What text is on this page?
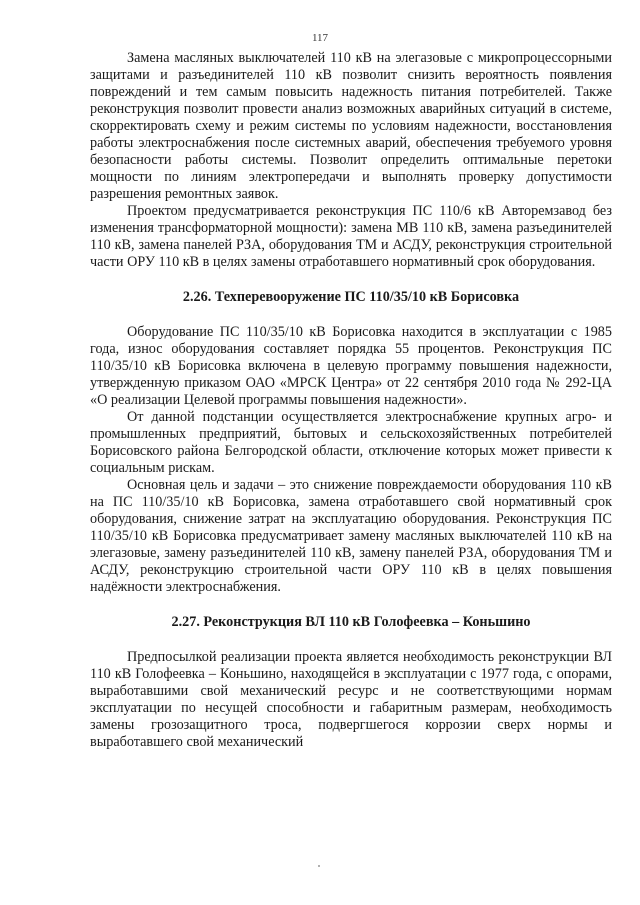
117

Замена масляных выключателей 110 кВ на элегазовые с микропроцессорными защитами и разъединителей 110 кВ позволит снизить вероятность появления повреждений и тем самым повысить надежность питания потребителей. Также реконструкция позволит провести анализ возможных аварийных ситуаций в системе, скорректировать схему и режим системы по условиям надежности, восстановления работы электроснабжения после системных аварий, обеспечения требуемого уровня безопасности работы системы. Позволит определить оптимальные перетоки мощности по линиям электропередачи и выполнять проверку допустимости разрешения ремонтных заявок.

Проектом предусматривается реконструкция ПС 110/6 кВ Авторемзавод без изменения трансформаторной мощности): замена МВ 110 кВ, замена разъединителей 110 кВ, замена панелей РЗА, оборудования ТМ и АСДУ, реконструкция строительной части ОРУ 110 кВ в целях замены отработавшего нормативный срок оборудования.

2.26. Техперевооружение ПС 110/35/10 кВ Борисовка

Оборудование ПС 110/35/10 кВ Борисовка находится в эксплуатации с 1985 года, износ оборудования составляет порядка 55 процентов. Реконструкция ПС 110/35/10 кВ Борисовка включена в целевую программу повышения надежности, утвержденную приказом ОАО «МРСК Центра» от 22 сентября 2010 года № 292-ЦА «О реализации Целевой программы повышения надежности».

От данной подстанции осуществляется электроснабжение крупных агро- и промышленных предприятий, бытовых и сельскохозяйственных потребителей Борисовского района Белгородской области, отключение которых может привести к социальным рискам.

Основная цель и задачи – это снижение повреждаемости оборудования 110 кВ на ПС 110/35/10 кВ Борисовка, замена отработавшего свой нормативный срок оборудования, снижение затрат на эксплуатацию оборудования. Реконструкция ПС 110/35/10 кВ Борисовка предусматривает замену масляных выключателей 110 кВ на элегазовые, замену разъединителей 110 кВ, замену панелей РЗА, оборудования ТМ и АСДУ, реконструкцию строительной части ОРУ 110 кВ в целях повышения надёжности электроснабжения.

2.27. Реконструкция ВЛ 110 кВ Голофеевка – Коньшино

Предпосылкой реализации проекта является необходимость реконструкции ВЛ 110 кВ Голофеевка – Коньшино, находящейся в эксплуатации с 1977 года, с опорами, выработавшими свой механический ресурс и не соответствующими нормам эксплуатации по несущей способности и габаритным размерам, необходимость замены грозозащитного троса, подвергшегося коррозии сверх нормы и выработавшего свой механический
